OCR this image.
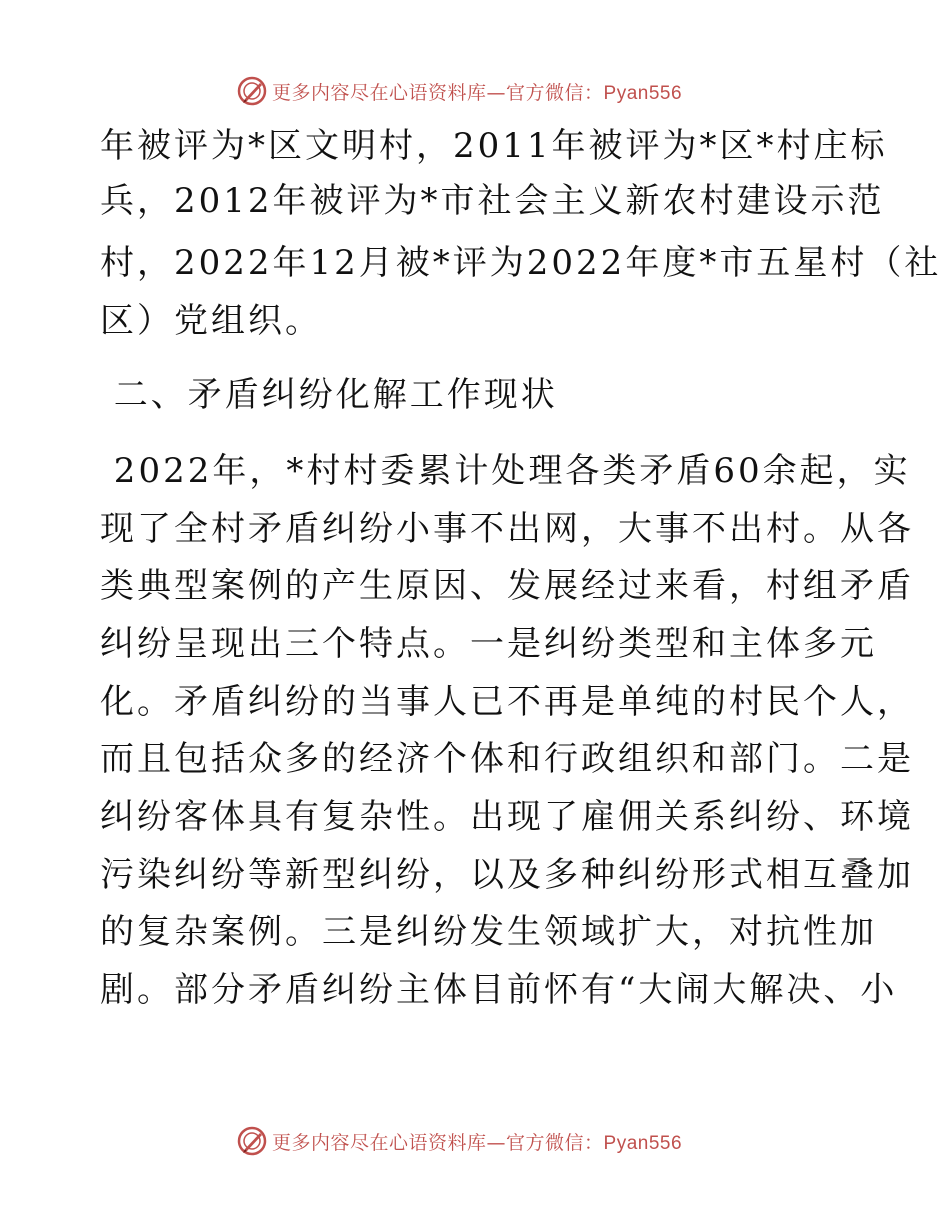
更多内容尽在心语资料库—官方微信：Pyan556
年被评为*区文明村，2011年被评为*区*村庄标
兵，2012年被评为*市社会主义新农村建设示范
村，2022年12月被*评为2022年度*市五星村（社
区）党组织。
二、矛盾纠纷化解工作现状
2022年，*村村委累计处理各类矛盾60余起，实
现了全村矛盾纠纷小事不出网，大事不出村。从各
类典型案例的产生原因、发展经过来看，村组矛盾
纠纷呈现出三个特点。一是纠纷类型和主体多元
化。矛盾纠纷的当事人已不再是单纯的村民个人，
而且包括众多的经济个体和行政组织和部门。二是
纠纷客体具有复杂性。出现了雇佣关系纠纷、环境
污染纠纷等新型纠纷，以及多种纠纷形式相互叠加
的复杂案例。三是纠纷发生领域扩大，对抗性加
剧。部分矛盾纠纷主体目前怀有“大闹大解决、小
更多内容尽在心语资料库—官方微信：Pyan556
